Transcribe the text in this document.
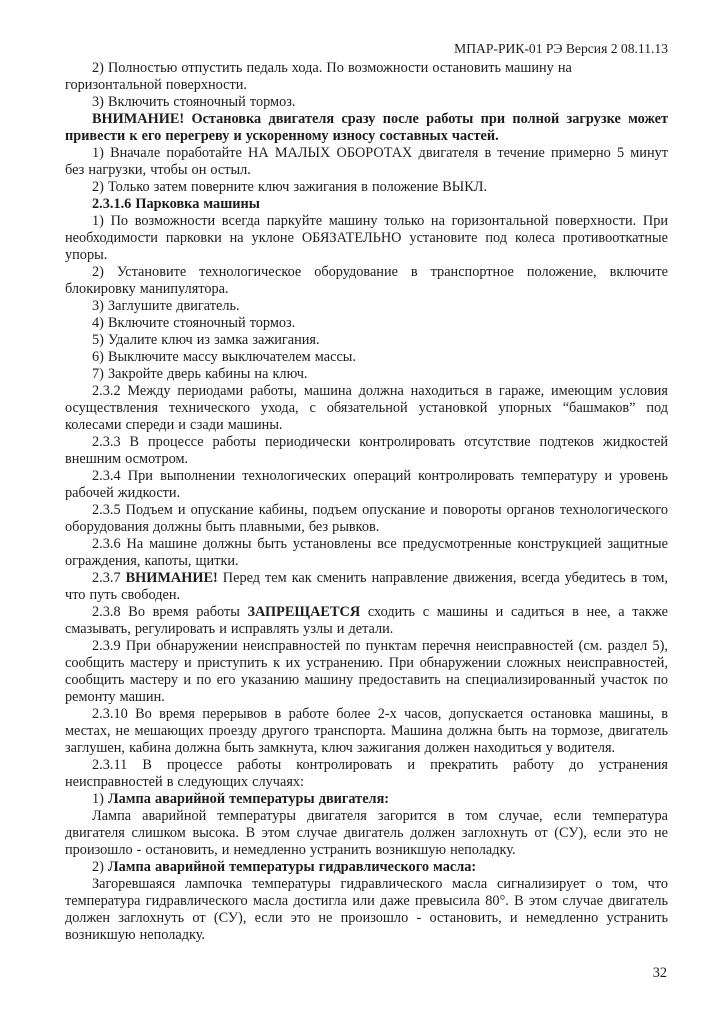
МПАР-РИК-01 РЭ Версия 2 08.11.13

2) Полностью отпустить педаль хода. По возможности остановить машину на горизонтальной поверхности.

3) Включить стояночный тормоз.

ВНИМАНИЕ! Остановка двигателя сразу после работы при полной загрузке может привести к его перегреву и ускоренному износу составных частей.

1) Вначале поработайте НА МАЛЫХ ОБОРОТАХ двигателя в течение примерно 5 минут без нагрузки, чтобы он остыл.

2) Только затем поверните ключ зажигания в положение ВЫКЛ.

2.3.1.6 Парковка машины

1) По возможности всегда паркуйте машину только на горизонтальной поверхности. При необходимости парковки на уклоне ОБЯЗАТЕЛЬНО установите под колеса противооткатные упоры.

2) Установите технологическое оборудование в транспортное положение, включите блокировку манипулятора.

3) Заглушите двигатель.

4) Включите стояночный тормоз.

5) Удалите ключ из замка зажигания.

6) Выключите массу выключателем массы.

7) Закройте дверь кабины на ключ.

2.3.2 Между периодами работы, машина должна находиться в гараже, имеющим условия осуществления технического ухода, с обязательной установкой упорных “башмаков” под колесами спереди и сзади машины.

2.3.3 В процессе работы периодически контролировать отсутствие подтеков жидкостей внешним осмотром.

2.3.4 При выполнении технологических операций контролировать температуру и уровень рабочей жидкости.

2.3.5 Подъем и опускание кабины, подъем опускание и повороты органов технологического оборудования должны быть плавными, без рывков.

2.3.6 На машине должны быть установлены все предусмотренные конструкцией защитные ограждения, капоты, щитки.

2.3.7 ВНИМАНИЕ! Перед тем как сменить направление движения, всегда убедитесь в том, что путь свободен.

2.3.8 Во время работы ЗАПРЕЩАЕТСЯ сходить с машины и садиться в нее, а также смазывать, регулировать и исправлять узлы и детали.

2.3.9 При обнаружении неисправностей по пунктам перечня неисправностей (см. раздел 5), сообщить мастеру и приступить к их устранению. При обнаружении сложных неисправностей, сообщить мастеру и по его указанию машину предоставить на специализированный участок по ремонту машин.

2.3.10 Во время перерывов в работе более 2-х часов, допускается остановка машины, в местах, не мешающих проезду другого транспорта. Машина должна быть на тормозе, двигатель заглушен, кабина должна быть замкнута, ключ зажигания должен находиться у водителя.

2.3.11 В процессе работы контролировать и прекратить работу до устранения неисправностей в следующих случаях:

1) Лампа аварийной температуры двигателя:

Лампа аварийной температуры двигателя загорится в том случае, если температура двигателя слишком высока. В этом случае двигатель должен заглохнуть от (СУ), если это не произошло - остановить, и немедленно устранить возникшую неполадку.

2) Лампа аварийной температуры гидравлического масла:

Загоревшаяся лампочка температуры гидравлического масла сигнализирует о том, что температура гидравлического масла достигла или даже превысила 80°. В этом случае двигатель должен заглохнуть от (СУ), если это не произошло - остановить, и немедленно устранить возникшую неполадку.

32
